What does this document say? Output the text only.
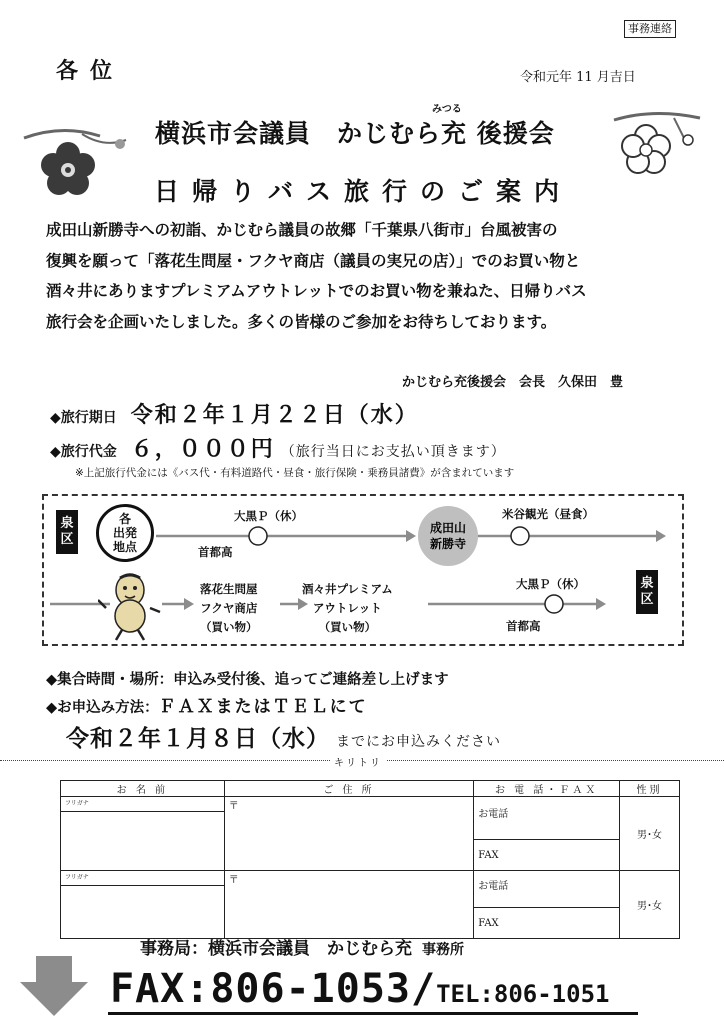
事務連絡
各位	令和元年 11 月吉日
みつる
横浜市会議員　かじむら充 後援会
日帰りバス旅行のご案内

成田山新勝寺への初詣、かじむら議員の故郷「千葉県八街市」台風被害の

復興を願って「落花生問屋・フクヤ商店（議員の実兄の店）」でのお買い物と

酒々井にありますプレミアムアウトレットでのお買い物を兼ねた、日帰りバス

旅行会を企画いたしました。多くの皆様のご参加をお待ちしております。

かじむら充後援会　会長　久保田　豊
◆旅行期日 令和２年１月２２日（水）
◆旅行代金 ６，０００円 （旅行当日にお支払い頂きます）
※上記旅行代金には《バス代・有料道路代・昼食・旅行保険・乗務員諸費》が含まれています
泉区
各
出発
地点
大黒Ｐ（休）
首都高
成田山
新勝寺
米谷観光（昼食）
落花生問屋
フクヤ商店
（買い物）
酒々井プレミアム
アウトレット
（買い物）
大黒Ｐ（休）
首都高
泉区
◆集合時間・場所：申込み受付後、追ってご連絡差し上げます
◆お申込み方法：ＦＡＸまたはＴＥＬにて
令和２年１月８日（水） までにお申込みください
キリトリ
お 名 前	ご 住 所	お 電 話・ＦＡＸ	性別

フリガナ	〒	お電話	男･女
		FAX	

フリガナ	〒	お電話	男･女
		FAX	
事務局：横浜市会議員　かじむら充 事務所
FAX:806-1053/TEL:806-1051
